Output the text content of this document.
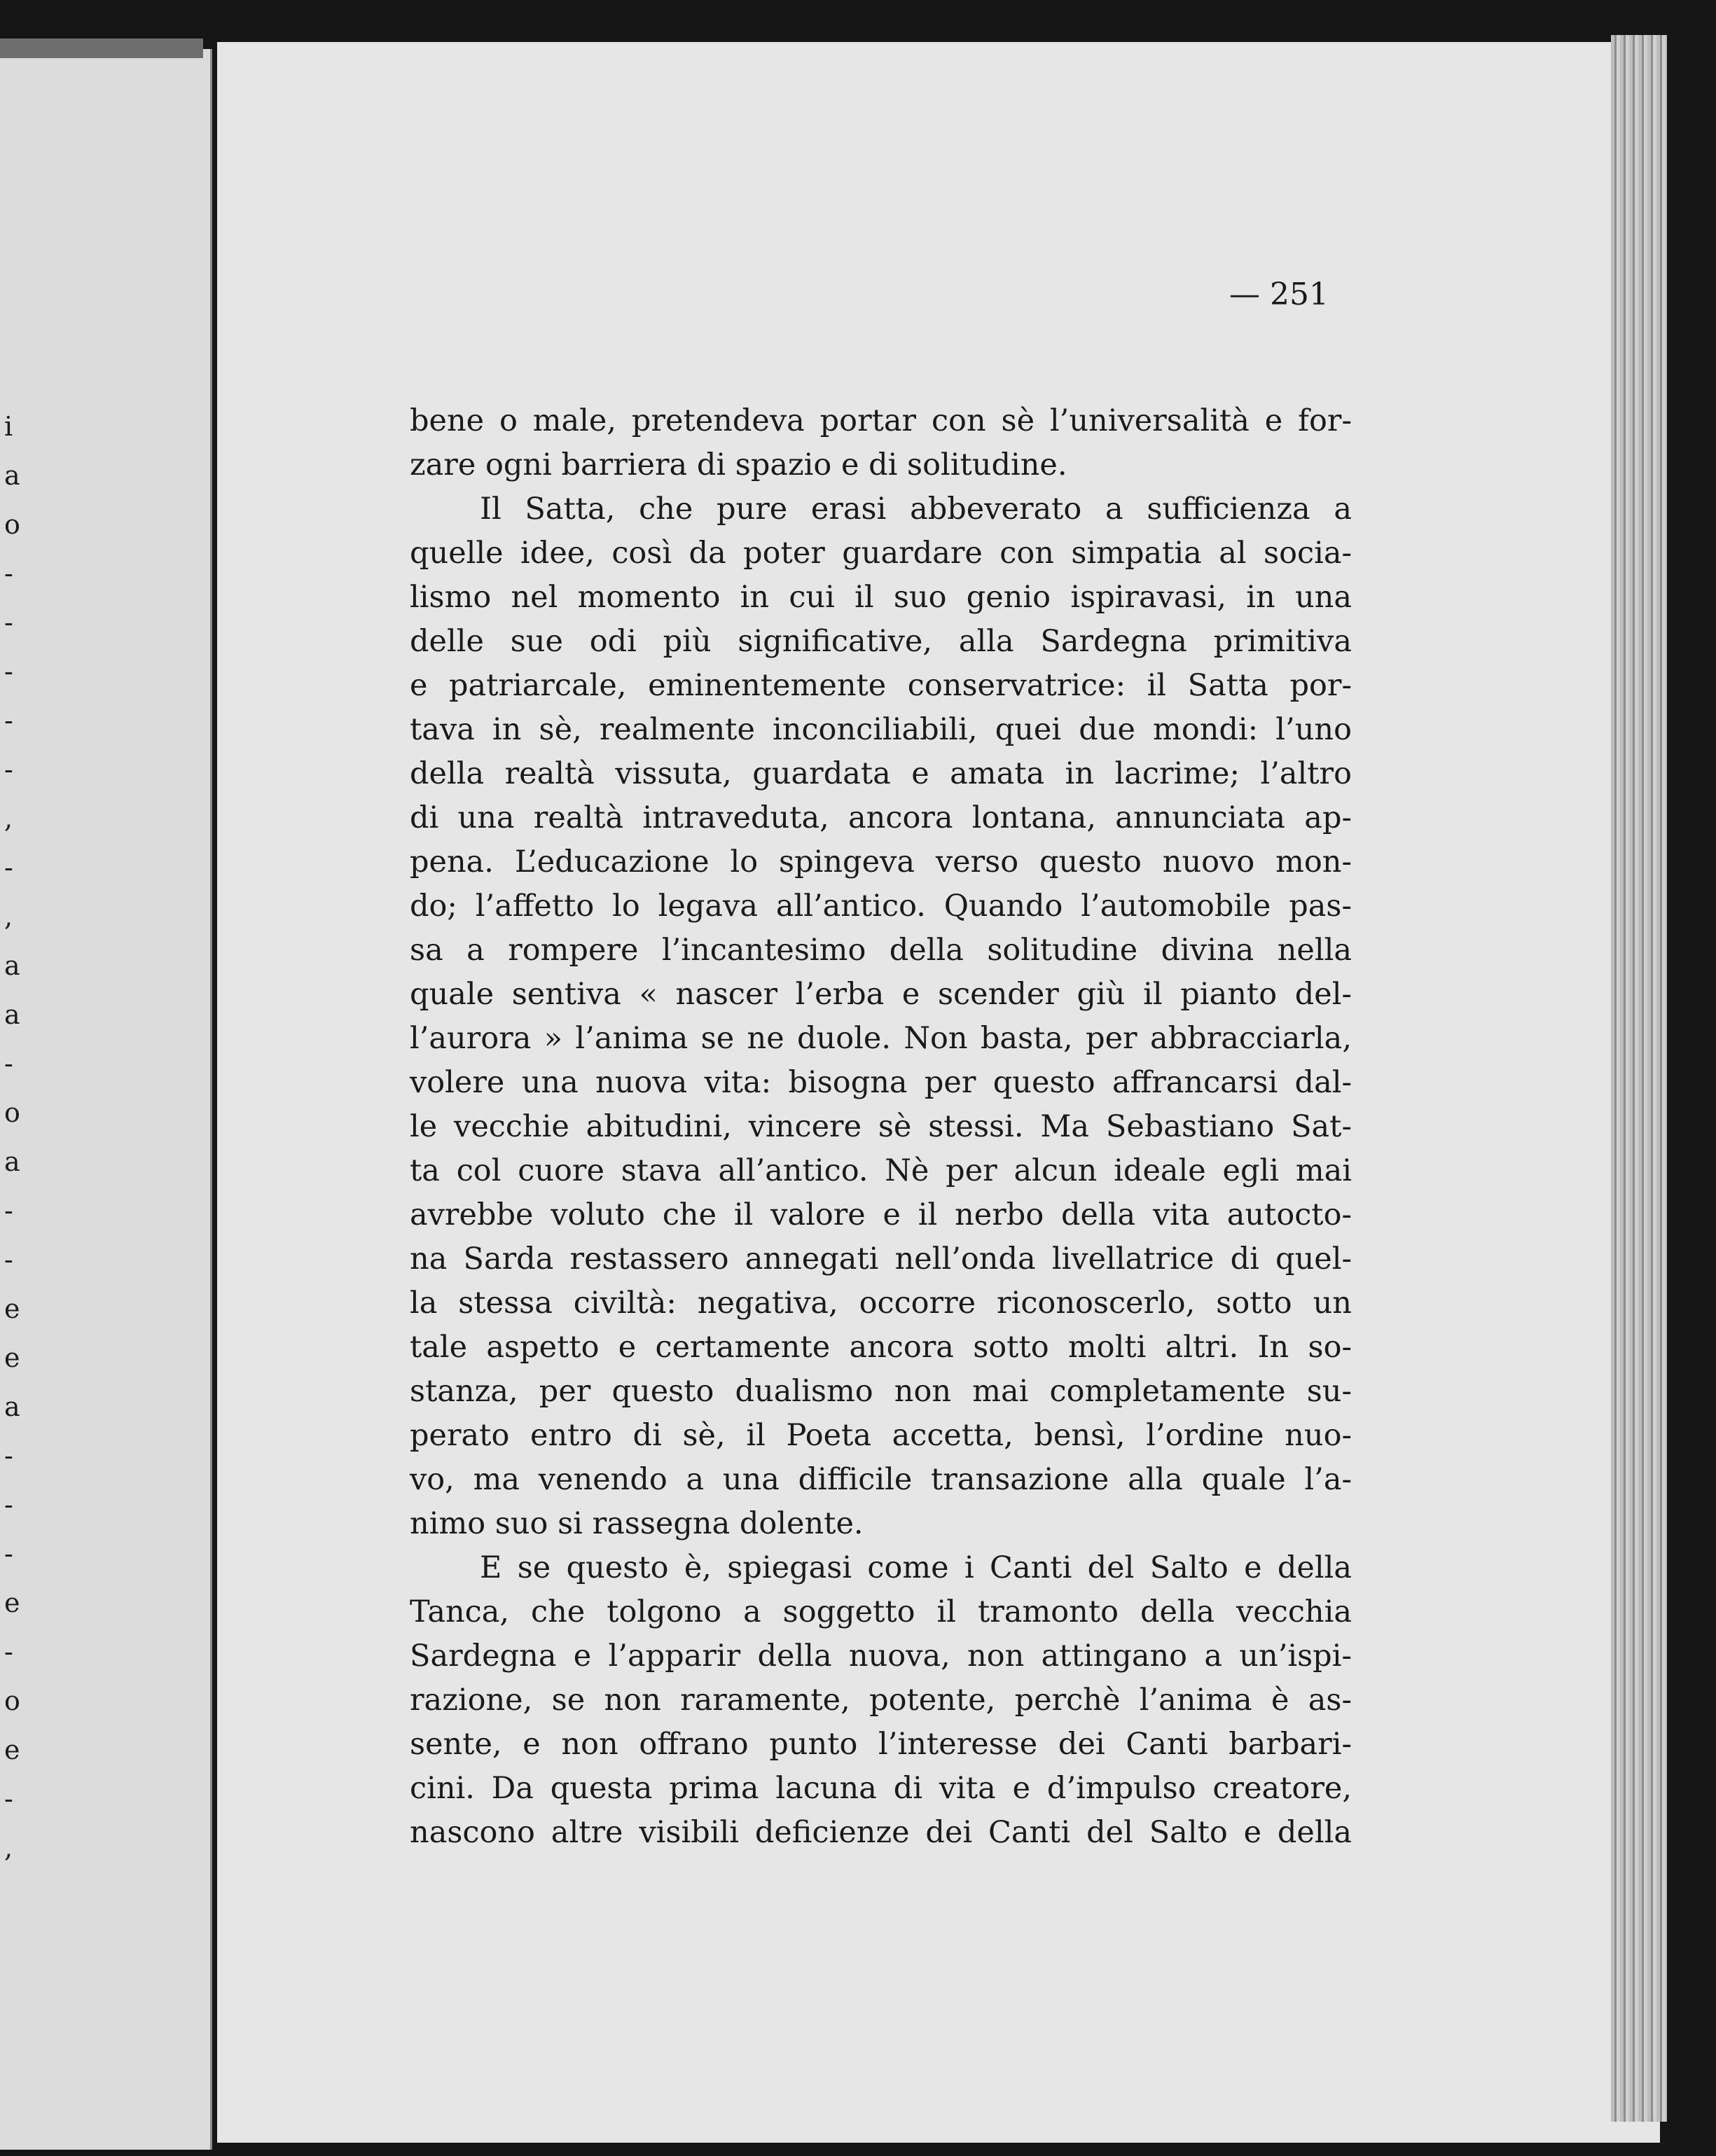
i
a
o
-
-
-
-
-
,
-
,
a
a
-
o
a
-
-
e
e
a
-
-
-
e
-
o
e
-
,
— 251
bene o male, pretendeva portar con sè l’universalità e for-
zare ogni barriera di spazio e di solitudine.
Il Satta, che pure erasi abbeverato a sufficienza a
quelle idee, così da poter guardare con simpatia al socia-
lismo nel momento in cui il suo genio ispiravasi, in una
delle sue odi più significative, alla Sardegna primitiva
e patriarcale, eminentemente conservatrice: il Satta por-
tava in sè, realmente inconciliabili, quei due mondi: l’uno
della realtà vissuta, guardata e amata in lacrime; l’altro
di una realtà intraveduta, ancora lontana, annunciata ap-
pena. L’educazione lo spingeva verso questo nuovo mon-
do; l’affetto lo legava all’antico. Quando l’automobile pas-
sa a rompere l’incantesimo della solitudine divina nella
quale sentiva « nascer l’erba e scender giù il pianto del-
l’aurora » l’anima se ne duole. Non basta, per abbracciarla,
volere una nuova vita: bisogna per questo affrancarsi dal-
le vecchie abitudini, vincere sè stessi. Ma Sebastiano Sat-
ta col cuore stava all’antico. Nè per alcun ideale egli mai
avrebbe voluto che il valore e il nerbo della vita autocto-
na Sarda restassero annegati nell’onda livellatrice di quel-
la stessa civiltà: negativa, occorre riconoscerlo, sotto un
tale aspetto e certamente ancora sotto molti altri. In so-
stanza, per questo dualismo non mai completamente su-
perato entro di sè, il Poeta accetta, bensì, l’ordine nuo-
vo, ma venendo a una difficile transazione alla quale l’a-
nimo suo si rassegna dolente.
E se questo è, spiegasi come i Canti del Salto e della
Tanca, che tolgono a soggetto il tramonto della vecchia
Sardegna e l’apparir della nuova, non attingano a un’ispi-
razione, se non raramente, potente, perchè l’anima è as-
sente, e non offrano punto l’interesse dei Canti barbari-
cini. Da questa prima lacuna di vita e d’impulso creatore,
nascono altre visibili deficienze dei Canti del Salto e della
